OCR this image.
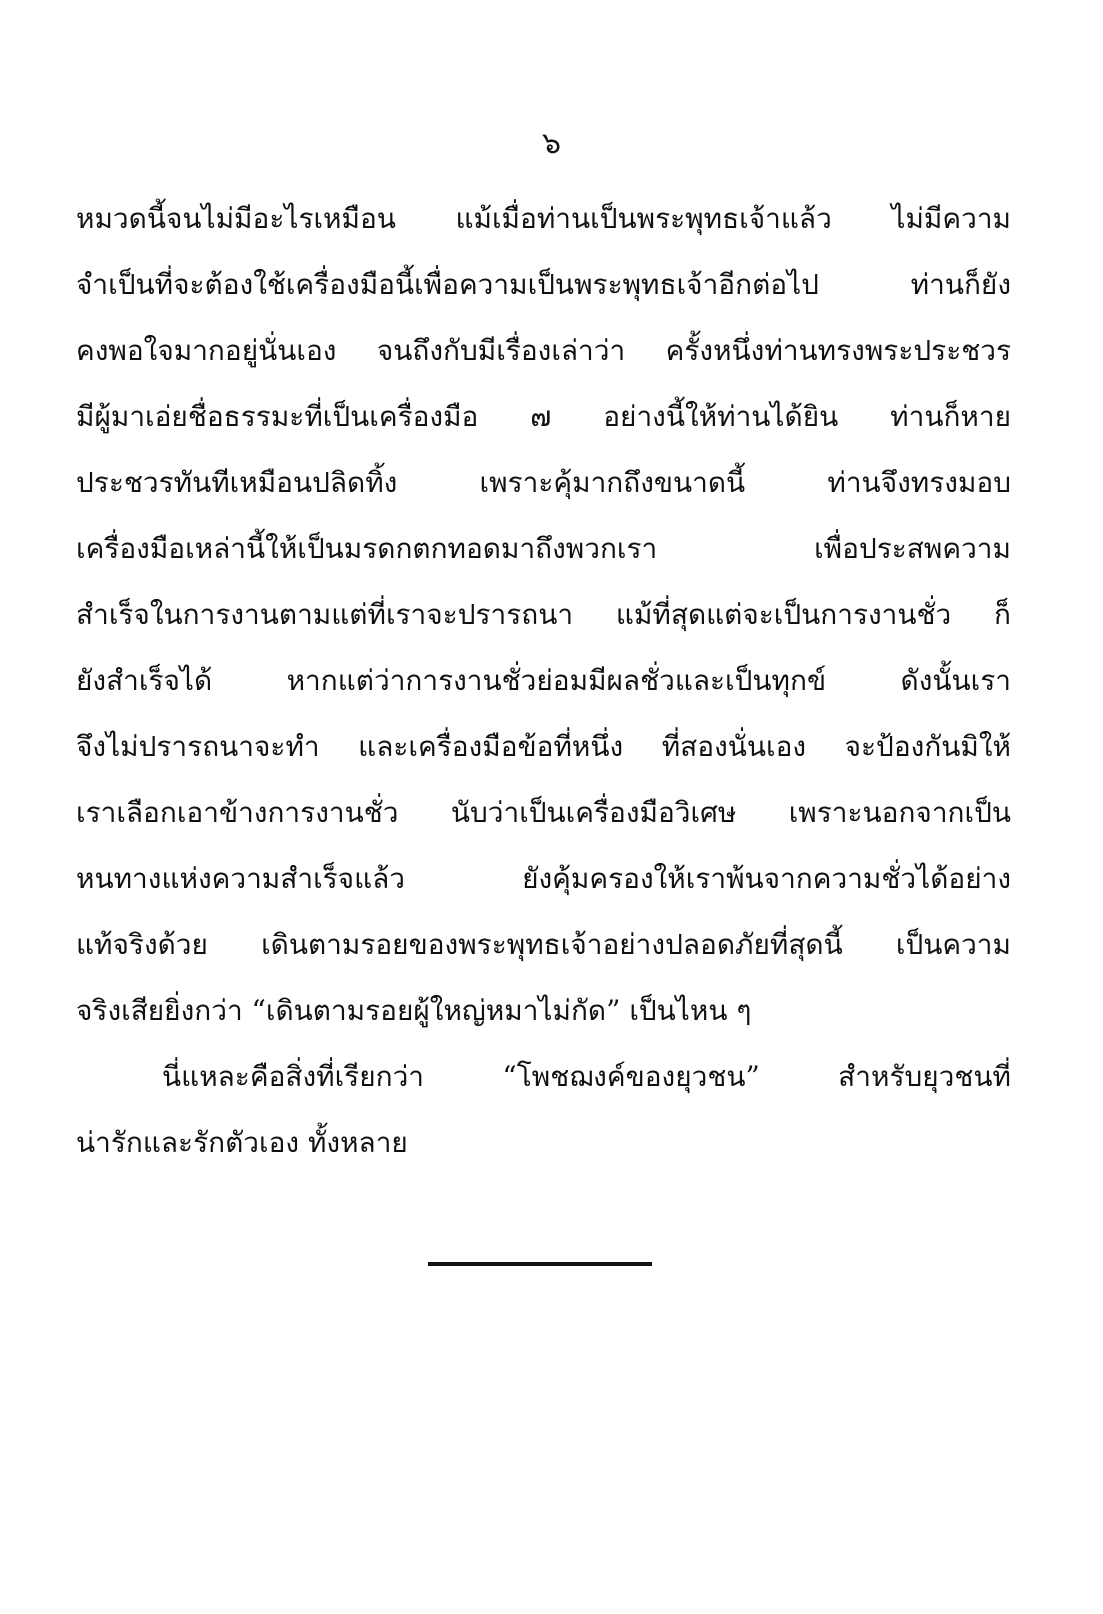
๖
หมวดนี้จนไม่มีอะไรเหมือน แม้เมื่อท่านเป็นพระพุทธเจ้าแล้ว ไม่มีความ
จำเป็นที่จะต้องใช้เครื่องมือนี้เพื่อความเป็นพระพุทธเจ้าอีกต่อไป ท่านก็ยัง
คงพอใจมากอยู่นั่นเอง จนถึงกับมีเรื่องเล่าว่า ครั้งหนึ่งท่านทรงพระประชวร
มีผู้มาเอ่ยชื่อธรรมะที่เป็นเครื่องมือ ๗ อย่างนี้ให้ท่านได้ยิน ท่านก็หาย
ประชวรทันทีเหมือนปลิดทิ้ง เพราะคุ้มากถึงขนาดนี้ ท่านจึงทรงมอบ
เครื่องมือเหล่านี้ให้เป็นมรดกตกทอดมาถึงพวกเรา เพื่อประสพความ
สำเร็จในการงานตามแต่ที่เราจะปรารถนา แม้ที่สุดแต่จะเป็นการงานชั่ว ก็
ยังสำเร็จได้ หากแต่ว่าการงานชั่วย่อมมีผลชั่วและเป็นทุกข์ ดังนั้นเรา
จึงไม่ปรารถนาจะทำ และเครื่องมือข้อที่หนึ่ง ที่สองนั่นเอง จะป้องกันมิให้
เราเลือกเอาข้างการงานชั่ว นับว่าเป็นเครื่องมือวิเศษ เพราะนอกจากเป็น
หนทางแห่งความสำเร็จแล้ว ยังคุ้มครองให้เราพ้นจากความชั่วได้อย่าง
แท้จริงด้วย เดินตามรอยของพระพุทธเจ้าอย่างปลอดภัยที่สุดนี้ เป็นความ
จริงเสียยิ่งกว่า “เดินตามรอยผู้ใหญ่หมาไม่กัด” เป็นไหน ๆ
นี่แหละคือสิ่งที่เรียกว่า “โพชฌงค์ของยุวชน” สำหรับยุวชนที่
น่ารักและรักตัวเอง ทั้งหลาย
